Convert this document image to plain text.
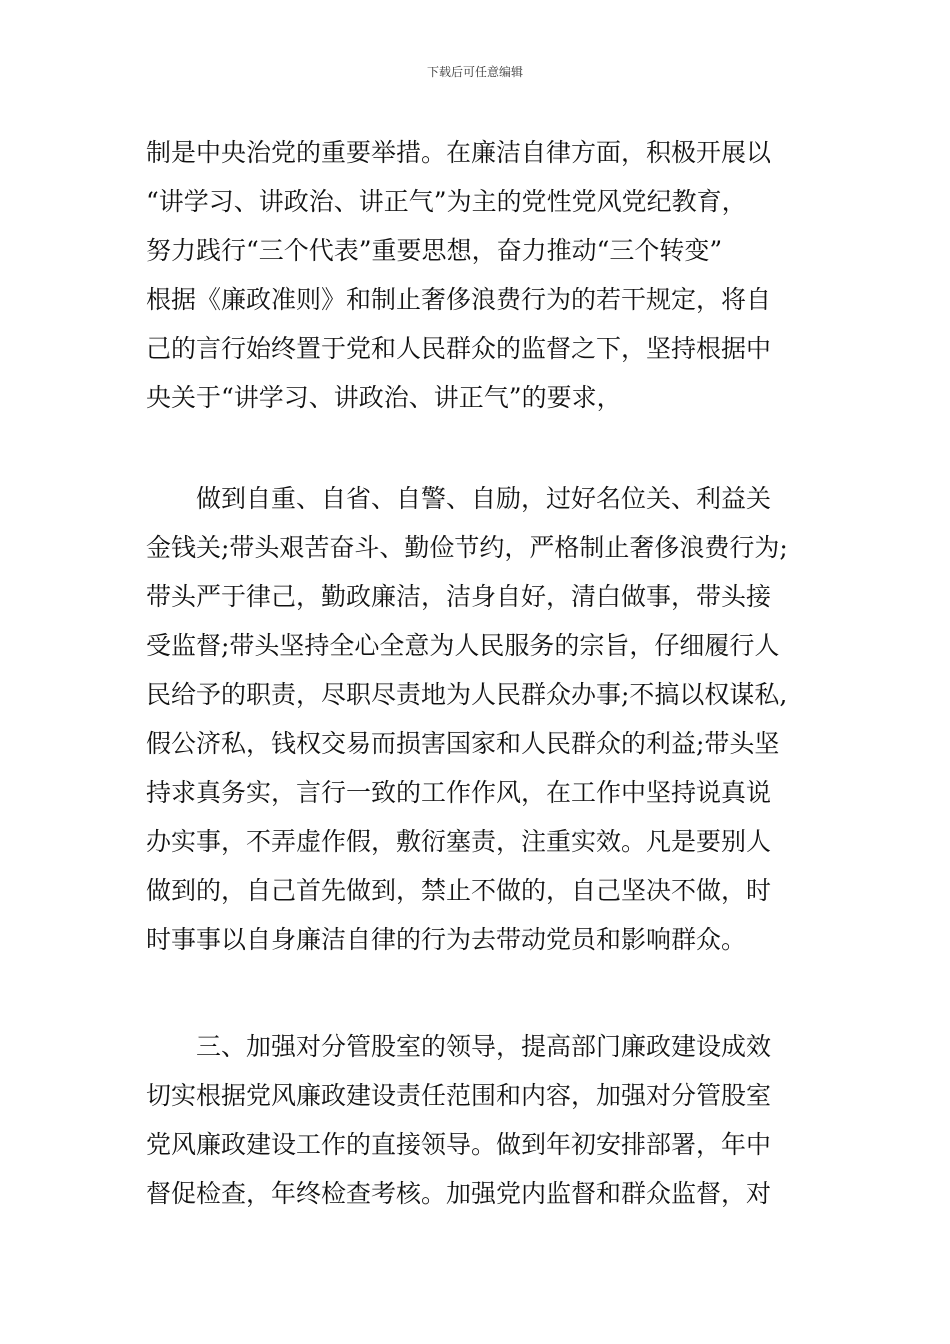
下载后可任意编辑
制是中央治党的重要举措。在廉洁自律方面，积极开展以
“讲学习、讲政治、讲正气”为主的党性党风党纪教育，
努力践行“三个代表”重要思想，奋力推动“三个转变”
根据《廉政准则》和制止奢侈浪费行为的若干规定，将自
己的言行始终置于党和人民群众的监督之下，坚持根据中
央关于“讲学习、讲政治、讲正气”的要求，
　　做到自重、自省、自警、自励，过好名位关、利益关
金钱关;带头艰苦奋斗、勤俭节约，严格制止奢侈浪费行为;
带头严于律己，勤政廉洁，洁身自好，清白做事，带头接
受监督;带头坚持全心全意为人民服务的宗旨，仔细履行人
民给予的职责，尽职尽责地为人民群众办事;不搞以权谋私,
假公济私，钱权交易而损害国家和人民群众的利益;带头坚
持求真务实，言行一致的工作作风，在工作中坚持说真说
办实事，不弄虚作假，敷衍塞责，注重实效。凡是要别人
做到的，自己首先做到，禁止不做的，自己坚决不做，时
时事事以自身廉洁自律的行为去带动党员和影响群众。
　　三、加强对分管股室的领导，提高部门廉政建设成效
切实根据党风廉政建设责任范围和内容，加强对分管股室
党风廉政建设工作的直接领导。做到年初安排部署，年中
督促检查，年终检查考核。加强党内监督和群众监督，对
